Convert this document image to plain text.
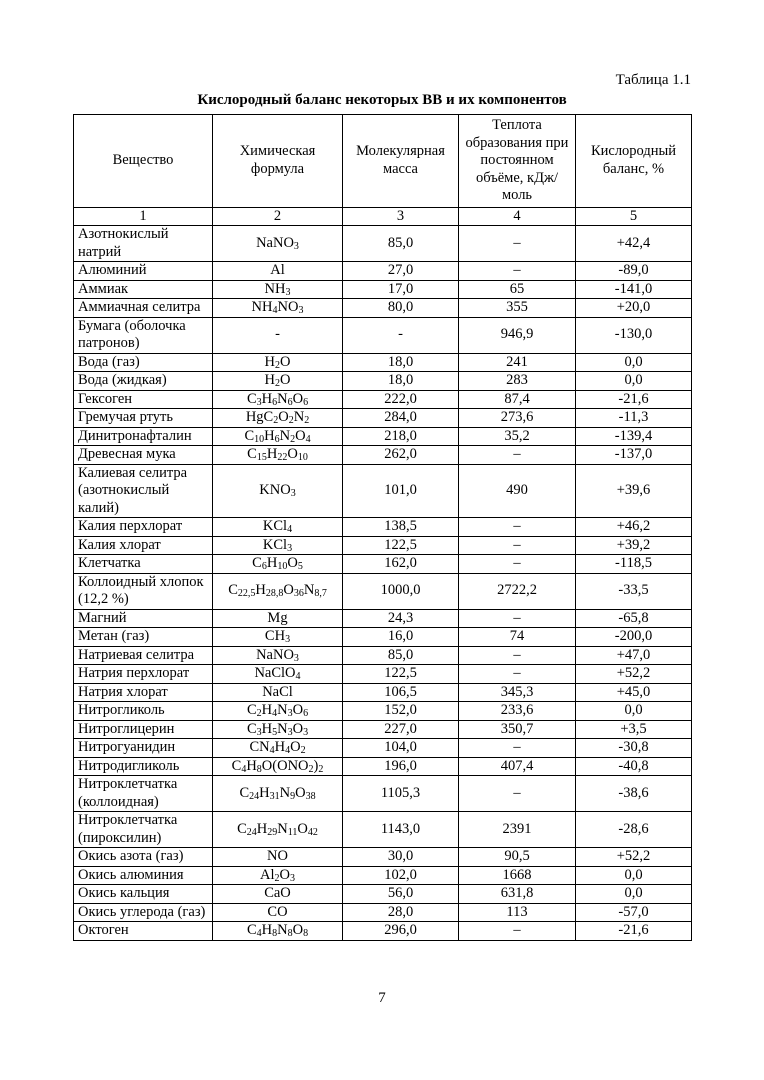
Таблица 1.1
Кислородный баланс некоторых ВВ и их компонентов
Вещество	Химическая формула	Молекулярная масса	Теплота образования при постоянном объёме, кДж/моль	Кислородный баланс, %
1	2	3	4	5
Азотнокислый натрий	NaNO$_3$	85,0	–	+42,4
Алюминий	Al	27,0	–	-89,0
Аммиак	$NH_3$	17,0	65	-141,0
Аммиачная селитра	$NH_4NO_3$	80,0	355	+20,0
Бумага (оболочка патронов)	-	-	946,9	-130,0
Вода (газ)	$H_2O$	18,0	241	0,0
Вода (жидкая)	$H_2O$	18,0	283	0,0
Гексоген	$C_3H_6N_6O_6$	222,0	87,4	-21,6
Гремучая ртуть	$HgC_2O_2N_2$	284,0	273,6	-11,3
Динитронафталин	$C_{10}H_6N_2O_4$	218,0	35,2	-139,4
Древесная мука	$C_{15}H_{22}O_{10}$	262,0	–	-137,0
Калиевая селитра (азотнокислый калий)	$KNO_3$	101,0	490	+39,6
Калия перхлорат	KCl$_4$	138,5	–	+46,2
Калия хлорат	KCl$_3$	122,5	–	+39,2
Клетчатка	$C_6H_{10}O_5$	162,0	–	-118,5
Коллоидный хлопок (12,2 %)	$C_{22,5}H_{28,8}O_{36}N_{8,7}$	1000,0	2722,2	-33,5
Магний	Mg	24,3	–	-65,8
Метан (газ)	$CH_3$	16,0	74	-200,0
Натриевая селитра	NaNO$_3$	85,0	–	+47,0
Натрия перхлорат	NaClO$_4$	122,5	–	+52,2
Натрия хлорат	NaCl	106,5	345,3	+45,0
Нитрогликоль	$C_2H_4N_3O_6$	152,0	233,6	0,0
Нитроглицерин	$C_3H_5N_3O_3$	227,0	350,7	+3,5
Нитрогуанидин	$CN_4H_4O_2$	104,0	–	-30,8
Нитродигликоль	$C_4H_8O(ONO_2)_2$	196,0	407,4	-40,8
Нитроклетчатка (коллоидная)	$C_{24}H_{31}N_9O_{38}$	1105,3	–	-38,6
Нитроклетчатка (пироксилин)	$C_{24}H_{29}N_{11}O_{42}$	1143,0	2391	-28,6
Окись азота (газ)	NO	30,0	90,5	+52,2
Окись алюминия	$Al_2O_3$	102,0	1668	0,0
Окись кальция	CaO	56,0	631,8	0,0
Окись углерода (газ)	CO	28,0	113	-57,0
Октоген	$C_4H_8N_8O_8$	296,0	–	-21,6
7
